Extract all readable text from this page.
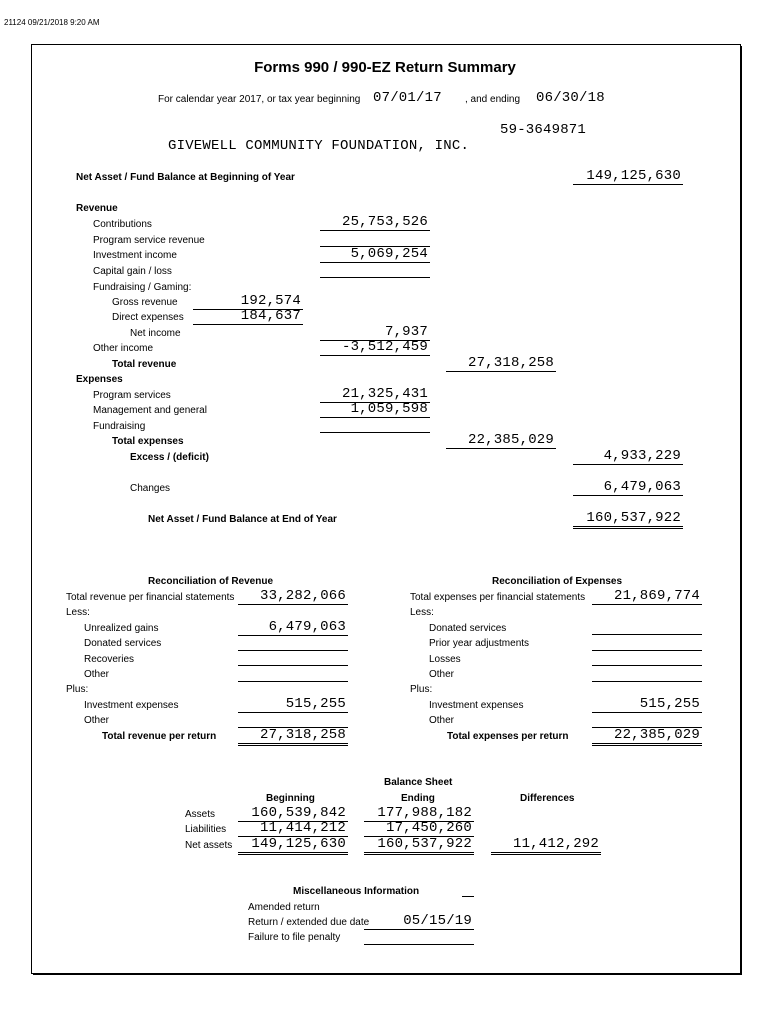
21124 09/21/2018 9:20 AM
Forms 990 / 990-EZ Return Summary
For calendar year 2017, or tax year beginning 07/01/17 , and ending 06/30/18
59-3649871
GIVEWELL COMMUNITY FOUNDATION, INC.
Net Asset / Fund Balance at Beginning of Year	149,125,630
Revenue
Contributions	25,753,526
Program service revenue
Investment income	5,069,254
Capital gain / loss
Fundraising / Gaming:
Gross revenue	192,574
Direct expenses	184,637
Net income	7,937
Other income	-3,512,459
Total revenue	27,318,258
Expenses
Program services	21,325,431
Management and general	1,059,598
Fundraising
Total expenses	22,385,029
Excess / (deficit)	4,933,229
Changes	6,479,063
Net Asset / Fund Balance at End of Year	160,537,922
Reconciliation of Revenue
Total revenue per financial statements	33,282,066
Less:
Unrealized gains	6,479,063
Donated services
Recoveries
Other
Plus:
Investment expenses	515,255
Other
Total revenue per return	27,318,258
Reconciliation of Expenses
Total expenses per financial statements	21,869,774
Less:
Donated services
Prior year adjustments
Losses
Other
Plus:
Investment expenses	515,255
Other
Total expenses per return	22,385,029
Balance Sheet
Beginning	Ending	Differences
Assets	160,539,842	177,988,182
Liabilities	11,414,212	17,450,260
Net assets	149,125,630	160,537,922	11,412,292
Miscellaneous Information
Amended return
Return / extended due date	05/15/19
Failure to file penalty
